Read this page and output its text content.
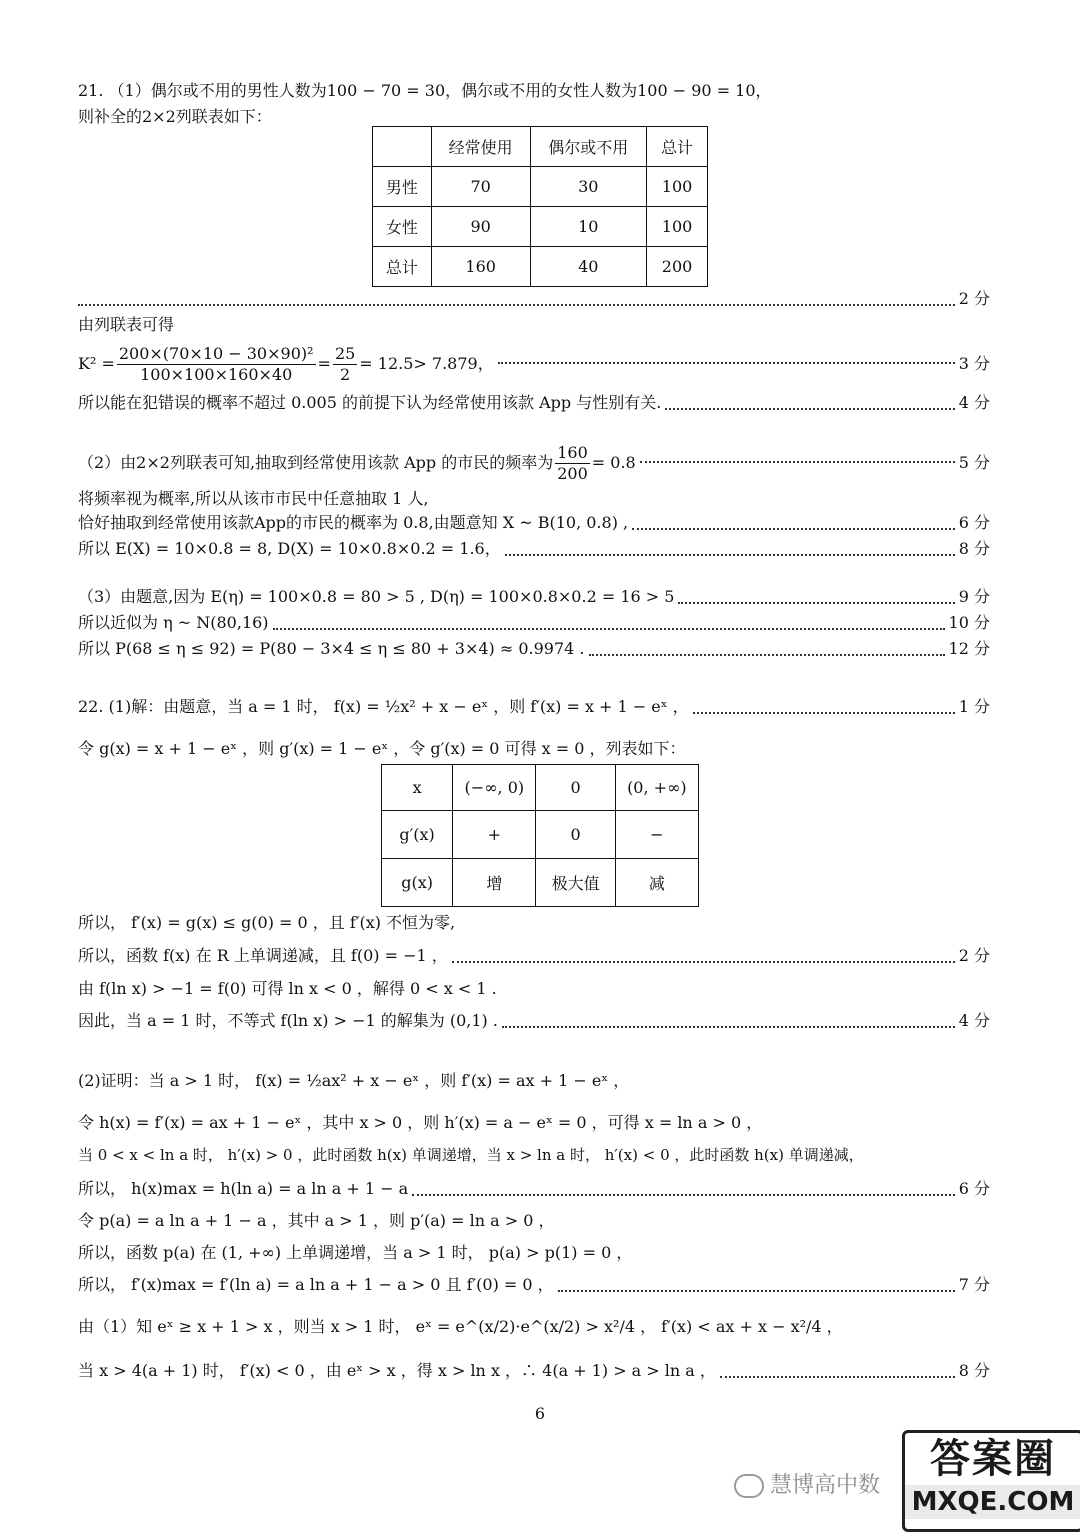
21. （1）偶尔或不用的男性人数为100 − 70 = 30，偶尔或不用的女性人数为100 − 90 = 10，
则补全的2×2列联表如下：
	经常使用	偶尔或不用	总计
男性	70	30	100
女性	90	10	100
总计	160	40	200
2 分
由列联表可得
$K^2 = \frac{\text{200×(70×10 − 30×90)²}}{100\times 100\times 160\times 40} = \frac{25}{2} = 12.5> 7.879$，	3 分
所以能在犯错误的概率不超过 0.005 的前提下认为经常使用该款 App 与性别有关.	4 分
（2）由2×2列联表可知,抽取到经常使用该款 App 的市民的频率为 $\frac{160}{200} = 0.8$	5 分
将频率视为概率,所以从该市市民中任意抽取 1 人,
恰好抽取到经常使用该款App的市民的概率为 0.8,由题意知 X ~ B(10, 0.8) ,	6 分
所以 E(X) = 10×0.8 = 8, D(X) = 10×0.8×0.2 = 1.6，	8 分
（3）由题意,因为 E(η) = 100×0.8 = 80 > 5 , D(η) = 100×0.8×0.2 = 16 > 5	9 分
所以近似为 η ~ N(80,16)	10 分
所以 P(68 ≤ η ≤ 92) = P(80 − 3×4 ≤ η ≤ 80 + 3×4) ≈ 0.9974 .	12 分
22. (1)解：由题意，当 a = 1 时， f(x) = ½x² + x − eˣ ，则 f′(x) = x + 1 − eˣ ，	1 分
令 g(x) = x + 1 − eˣ ，则 g′(x) = 1 − eˣ ，令 g′(x) = 0 可得 x = 0 ，列表如下：
x	(−∞, 0)	0	(0, +∞)
g′(x)	+	0	−
g(x)	增	极大值	减
所以， f′(x) = g(x) ≤ g(0) = 0 ，且 f′(x) 不恒为零,
所以，函数 f(x) 在 R 上单调递减，且 f(0) = −1 ，	2 分
由 f(ln x) > −1 = f(0) 可得 ln x < 0 ，解得 0 < x < 1 .
因此，当 a = 1 时，不等式 f(ln x) > −1 的解集为 (0,1) .	4 分
(2)证明：当 a > 1 时， f(x) = ½ax² + x − eˣ ，则 f′(x) = ax + 1 − eˣ ，
令 h(x) = f′(x) = ax + 1 − eˣ ，其中 x > 0 ，则 h′(x) = a − eˣ = 0 ，可得 x = ln a > 0 ，
当 0 < x < ln a 时， h′(x) > 0 ，此时函数 h(x) 单调递增，当 x > ln a 时， h′(x) < 0 ，此时函数 h(x) 单调递减，
所以， h(x)max = h(ln a) = a ln a + 1 − a	6 分
令 p(a) = a ln a + 1 − a ，其中 a > 1 ，则 p′(a) = ln a > 0 ，
所以，函数 p(a) 在 (1, +∞) 上单调递增，当 a > 1 时， p(a) > p(1) = 0 ，
所以， f′(x)max = f′(ln a) = a ln a + 1 − a > 0 且 f′(0) = 0 ，	7 分
由（1）知 eˣ ≥ x + 1 > x ，则当 x > 1 时， eˣ = e^(x/2)·e^(x/2) > x²/4 ， f′(x) < ax + x − x²/4 ，
当 x > 4(a + 1) 时， f′(x) < 0 ，由 eˣ > x ，得 x > ln x ，∴ 4(a + 1) > a > ln a ，	8 分
6
慧博高中数
答案圈
MXQE.COM
